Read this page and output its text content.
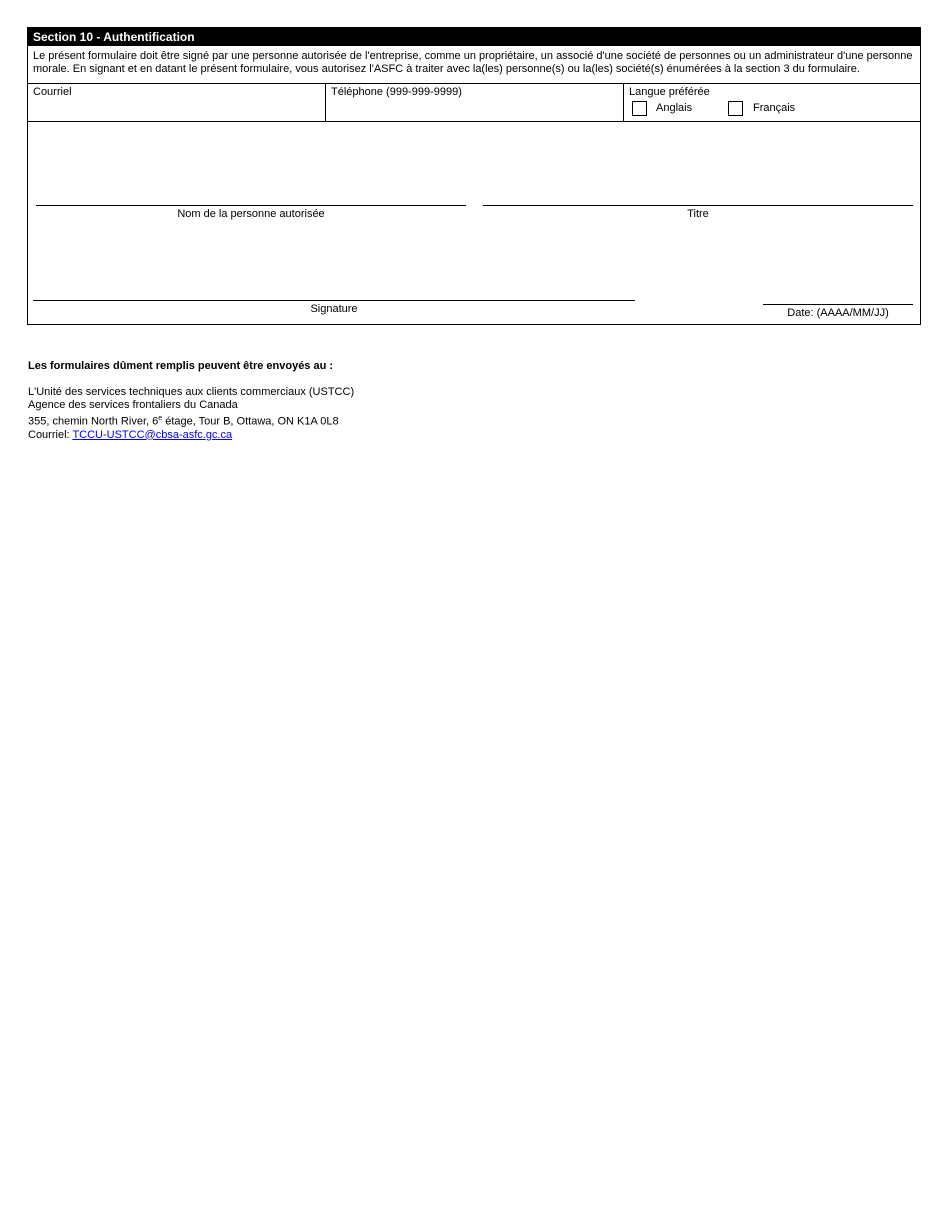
Section 10 - Authentification
Le présent formulaire doit être signé par une personne autorisée de l'entreprise, comme un propriétaire, un associé d'une société de personnes ou un administrateur d'une personne morale. En signant et en datant le présent formulaire, vous autorisez l'ASFC à traiter avec la(les) personne(s) ou la(les) société(s) énumérées à la section 3 du formulaire.
Courriel	Téléphone (999-999-9999)	Langue préférée
Anglais	Français
Nom de la personne autorisée	Titre
Signature	Date: (AAAA/MM/JJ)
Les formulaires dûment remplis peuvent être envoyés au :
L'Unité des services techniques aux clients commerciaux (USTCC)
Agence des services frontaliers du Canada
355, chemin North River, 6e étage, Tour B, Ottawa, ON K1A 0L8
Courriel: TCCU-USTCC@cbsa-asfc.gc.ca
